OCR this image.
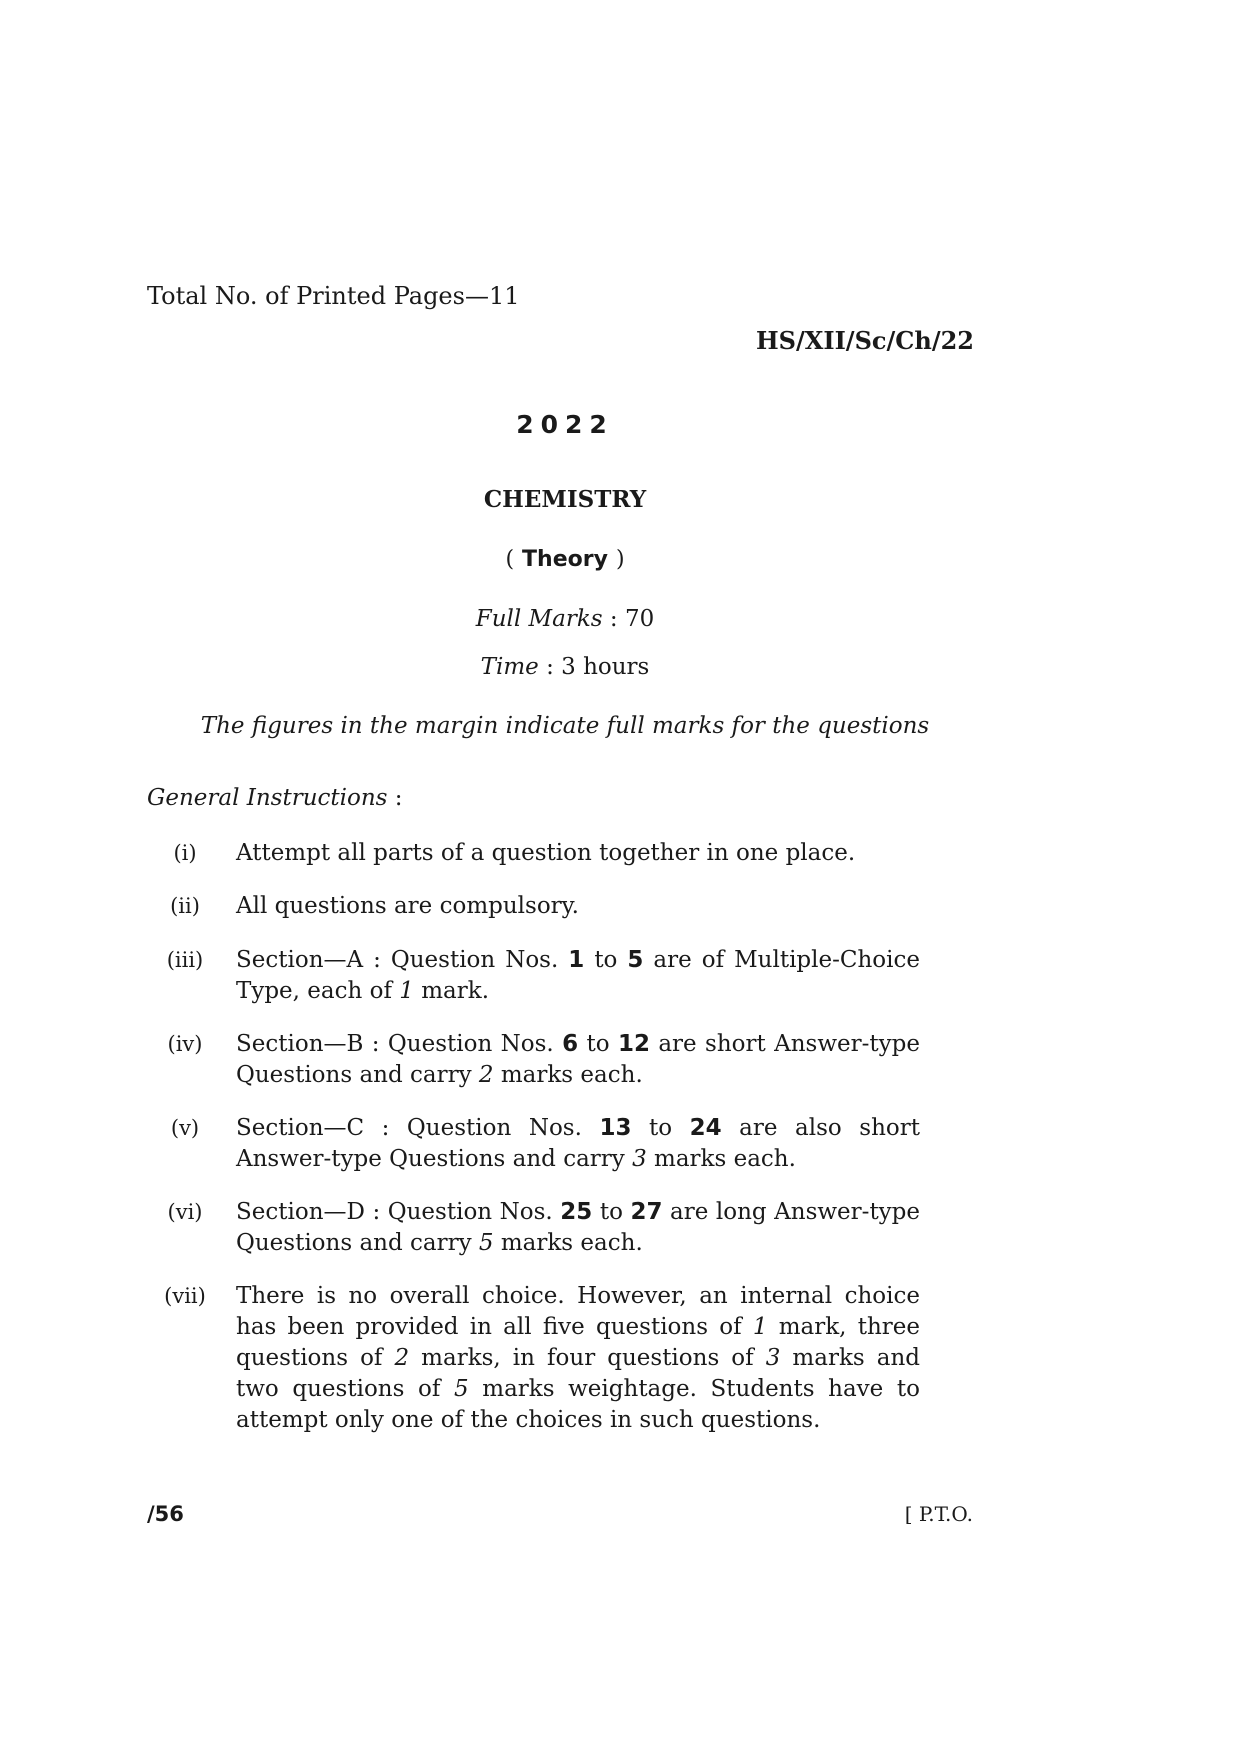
Total No. of Printed Pages—11
HS/XII/Sc/Ch/22
2022
CHEMISTRY
( Theory )
Full Marks : 70
Time : 3 hours
The figures in the margin indicate full marks for the questions
General Instructions :
(i)	Attempt all parts of a question together in one place.
(ii)	All questions are compulsory.
(iii)	Section—A : Question Nos. 1 to 5 are of Multiple-Choice Type, each of 1 mark.
(iv)	Section—B : Question Nos. 6 to 12 are short Answer-type Questions and carry 2 marks each.
(v)	Section—C : Question Nos. 13 to 24 are also short Answer-type Questions and carry 3 marks each.
(vi)	Section—D : Question Nos. 25 to 27 are long Answer-type Questions and carry 5 marks each.
(vii)	There is no overall choice. However, an internal choice has been provided in all five questions of 1 mark, three questions of 2 marks, in four questions of 3 marks and two questions of 5 marks weightage. Students have to attempt only one of the choices in such questions.
/56	[ P.T.O.
